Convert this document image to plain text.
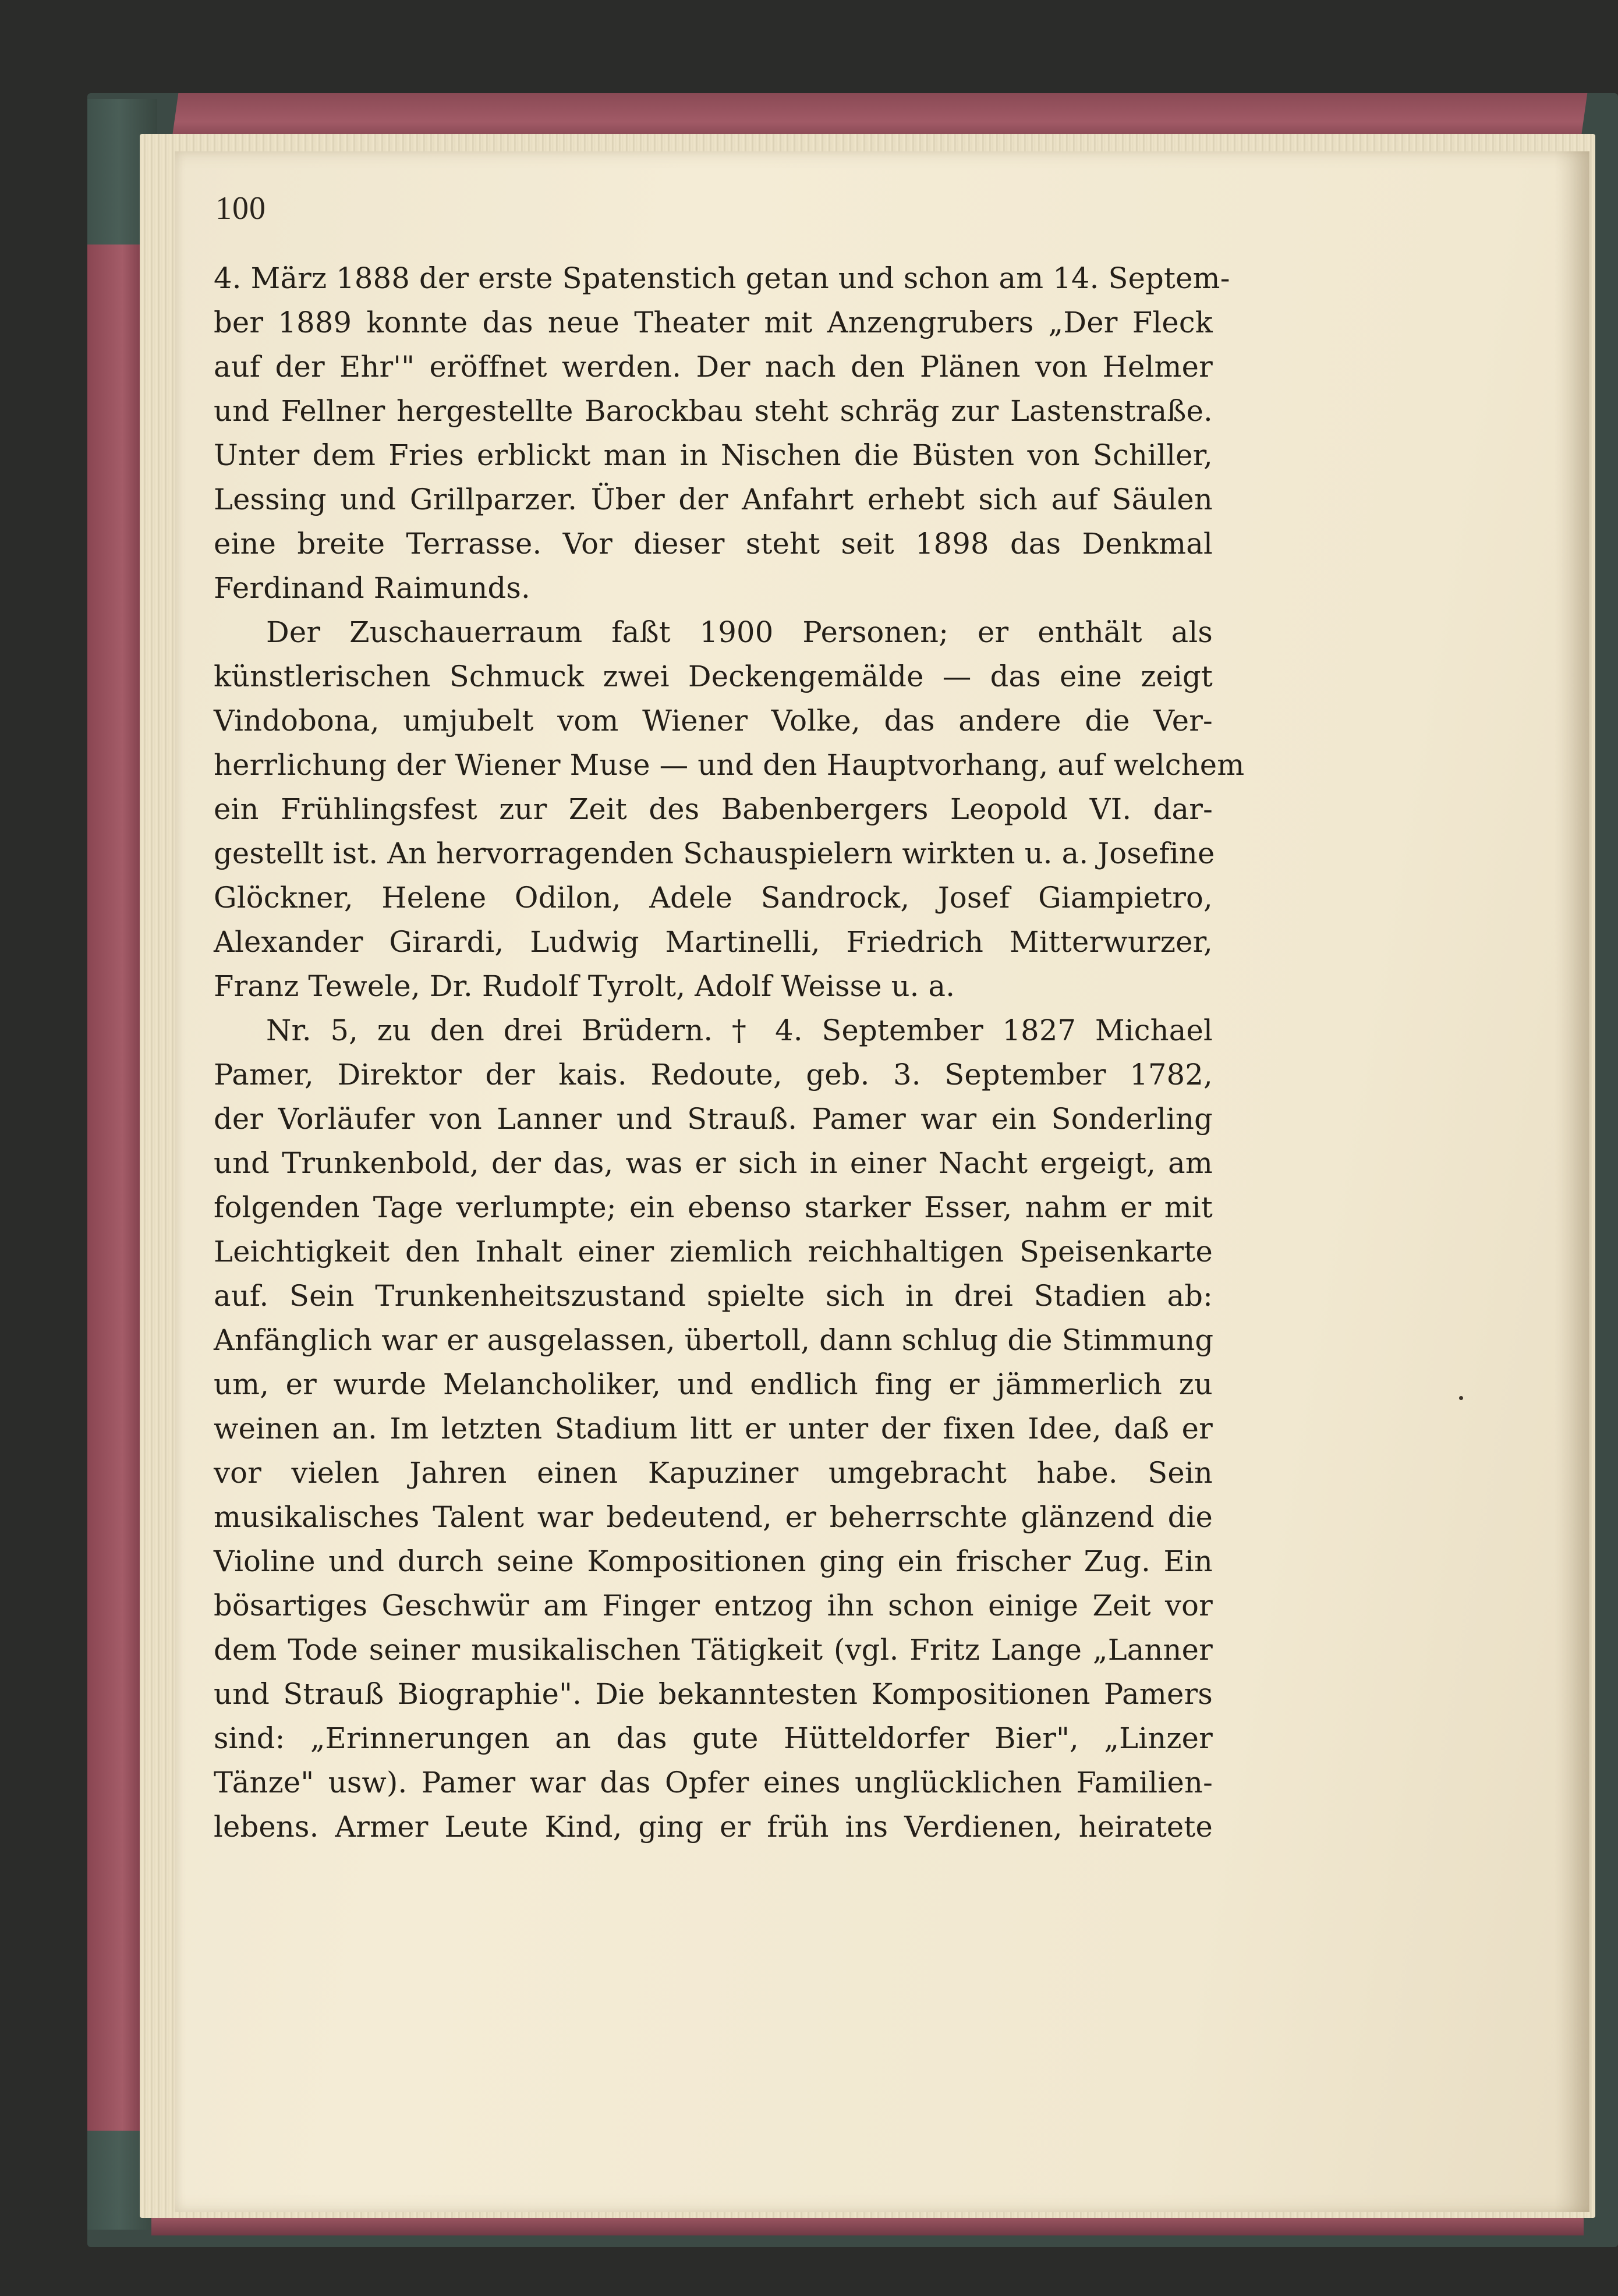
100
4. März 1888 der erste Spatenstich getan und schon am 14. Septem-
ber 1889 konnte das neue Theater mit Anzengrubers „Der Fleck
auf der Ehr'" eröffnet werden. Der nach den Plänen von Helmer
und Fellner hergestellte Barockbau steht schräg zur Lastenstraße.
Unter dem Fries erblickt man in Nischen die Büsten von Schiller,
Lessing und Grillparzer. Über der Anfahrt erhebt sich auf Säulen
eine breite Terrasse. Vor dieser steht seit 1898 das Denkmal
Ferdinand Raimunds.
Der Zuschauerraum faßt 1900 Personen; er enthält als
künstlerischen Schmuck zwei Deckengemälde — das eine zeigt
Vindobona, umjubelt vom Wiener Volke, das andere die Ver-
herrlichung der Wiener Muse — und den Hauptvorhang, auf welchem
ein Frühlingsfest zur Zeit des Babenbergers Leopold VI. dar-
gestellt ist. An hervorragenden Schauspielern wirkten u. a. Josefine
Glöckner, Helene Odilon, Adele Sandrock, Josef Giampietro,
Alexander Girardi, Ludwig Martinelli, Friedrich Mitterwurzer,
Franz Tewele, Dr. Rudolf Tyrolt, Adolf Weisse u. a.
Nr. 5, zu den drei Brüdern. † 4. September 1827 Michael
Pamer, Direktor der kais. Redoute, geb. 3. September 1782,
der Vorläufer von Lanner und Strauß. Pamer war ein Sonderling
und Trunkenbold, der das, was er sich in einer Nacht ergeigt, am
folgenden Tage verlumpte; ein ebenso starker Esser, nahm er mit
Leichtigkeit den Inhalt einer ziemlich reichhaltigen Speisenkarte
auf. Sein Trunkenheitszustand spielte sich in drei Stadien ab:
Anfänglich war er ausgelassen, übertoll, dann schlug die Stimmung
um, er wurde Melancholiker, und endlich fing er jämmerlich zu
weinen an. Im letzten Stadium litt er unter der fixen Idee, daß er
vor vielen Jahren einen Kapuziner umgebracht habe. Sein
musikalisches Talent war bedeutend, er beherrschte glänzend die
Violine und durch seine Kompositionen ging ein frischer Zug. Ein
bösartiges Geschwür am Finger entzog ihn schon einige Zeit vor
dem Tode seiner musikalischen Tätigkeit (vgl. Fritz Lange „Lanner
und Strauß Biographie". Die bekanntesten Kompositionen Pamers
sind: „Erinnerungen an das gute Hütteldorfer Bier", „Linzer
Tänze" usw). Pamer war das Opfer eines unglücklichen Familien-
lebens. Armer Leute Kind, ging er früh ins Verdienen, heiratete
